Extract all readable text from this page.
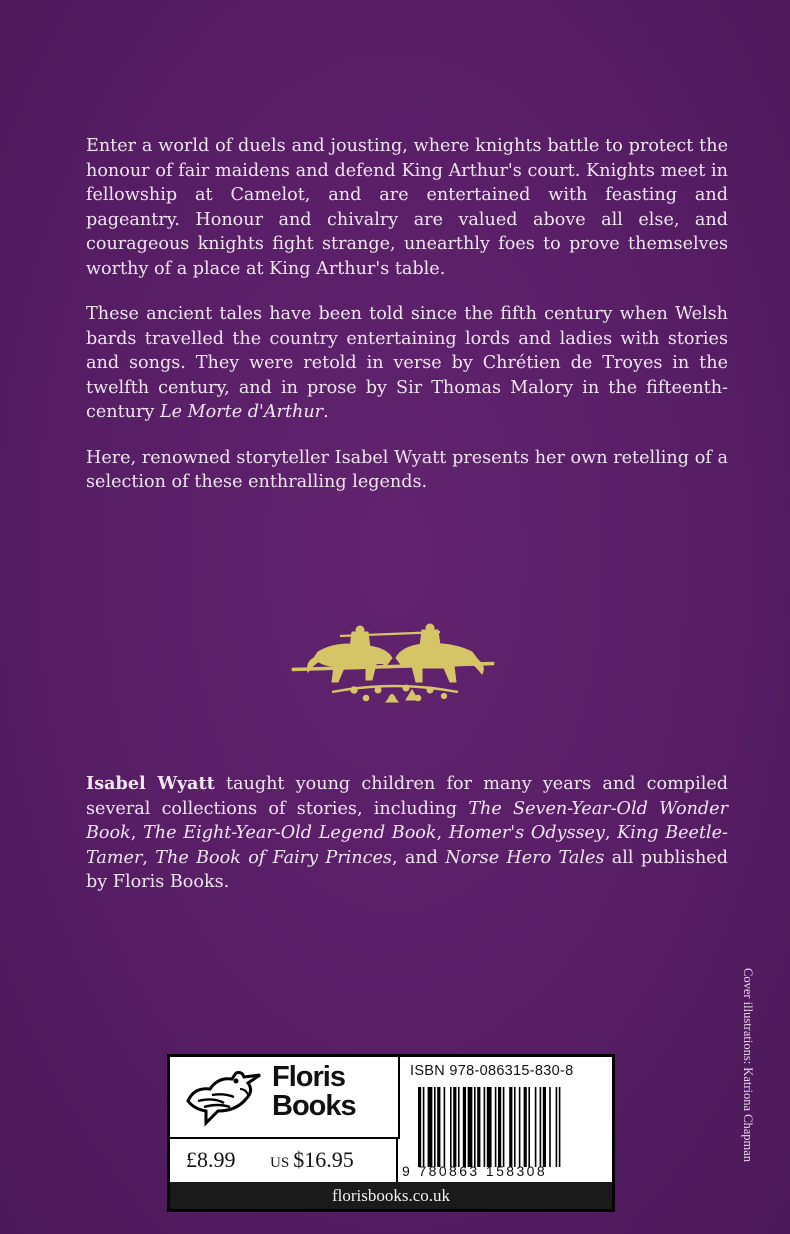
Enter a world of duels and jousting, where knights battle to protect the honour of fair maidens and defend King Arthur's court. Knights meet in fellowship at Camelot, and are entertained with feasting and pageantry. Honour and chivalry are valued above all else, and courageous knights fight strange, unearthly foes to prove themselves worthy of a place at King Arthur's table.

These ancient tales have been told since the fifth century when Welsh bards travelled the country entertaining lords and ladies with stories and songs. They were retold in verse by Chrétien de Troyes in the twelfth century, and in prose by Sir Thomas Malory in the fifteenth-century Le Morte d'Arthur.

Here, renowned storyteller Isabel Wyatt presents her own retelling of a selection of these enthralling legends.

Isabel Wyatt taught young children for many years and compiled several collections of stories, including The Seven-Year-Old Wonder Book, The Eight-Year-Old Legend Book, Homer's Odyssey, King Beetle-Tamer, The Book of Fairy Princes, and Norse Hero Tales all published by Floris Books.
Cover illustrations: Katriona Chapman
Floris
Books
£8.99 US $16.95
ISBN 978-086315-830-8
9 780863 158308
florisbooks.co.uk
